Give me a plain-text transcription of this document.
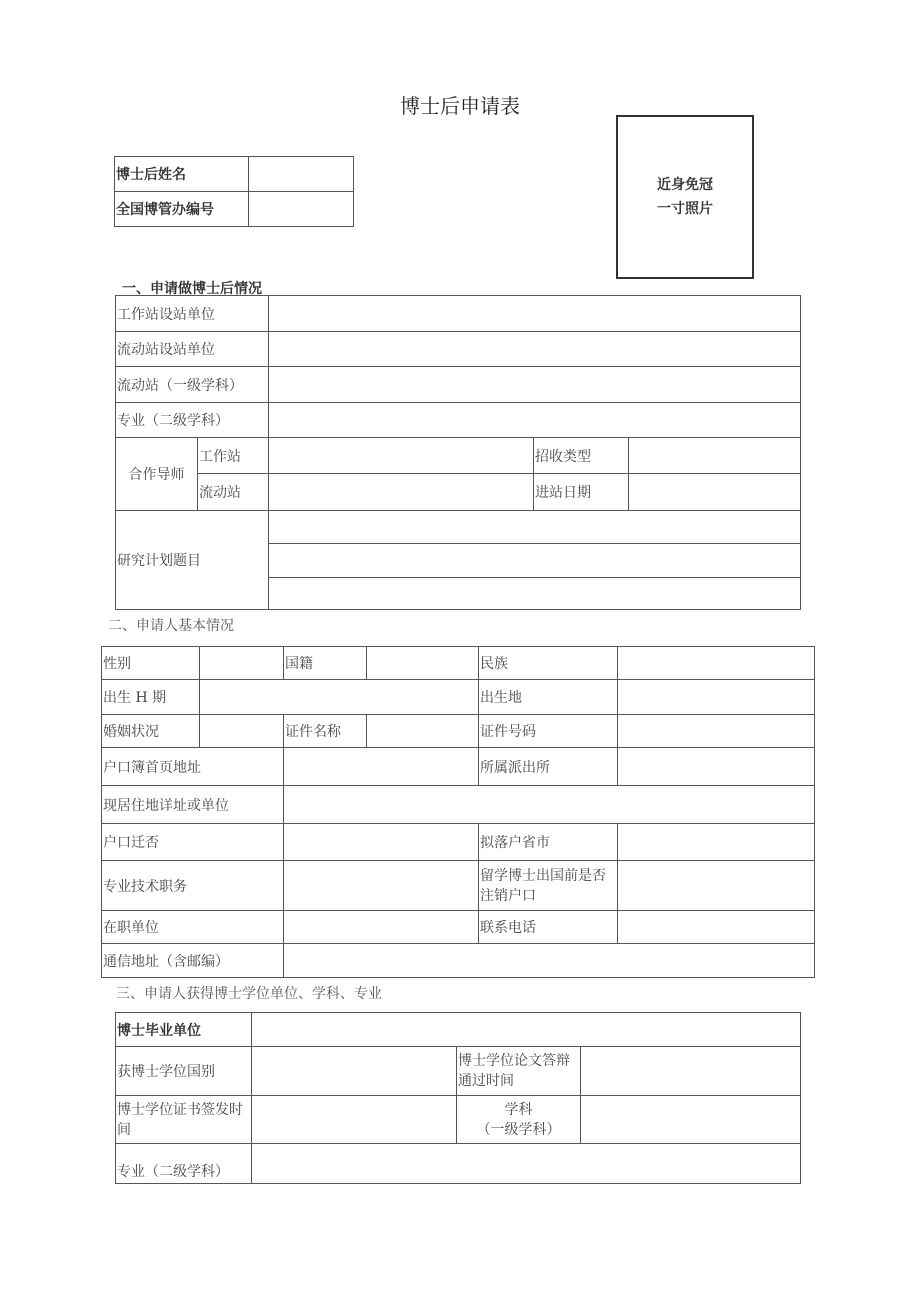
博士后申请表
博士后姓名	
全国博管办编号	
近身免冠
一寸照片
一、申请做博士后情况
工作站设站单位				
流动站设站单位				
流动站（一级学科）				
专业（二级学科）				
合作导师	工作站		招收类型	
	流动站		进站日期	
研究计划题目				

二、申请人基本情况
性别		国籍		民族	
出生 H 期				出生地	
婚姻状况		证件名称		证件号码	
户口簿首页地址				所属派出所	
现居住地详址或单位					
户口迁否				拟落户省市	
专业技术职务				留学博士出国前是否注销户口	
在职单位				联系电话	
通信地址（含邮编）					
三、申请人获得博士学位单位、学科、专业
博士毕业单位			
获博士学位国别		博士学位论文答辩通过时间	
博士学位证书签发时间		学科
（一级学科）	

专业（二级学科）			
